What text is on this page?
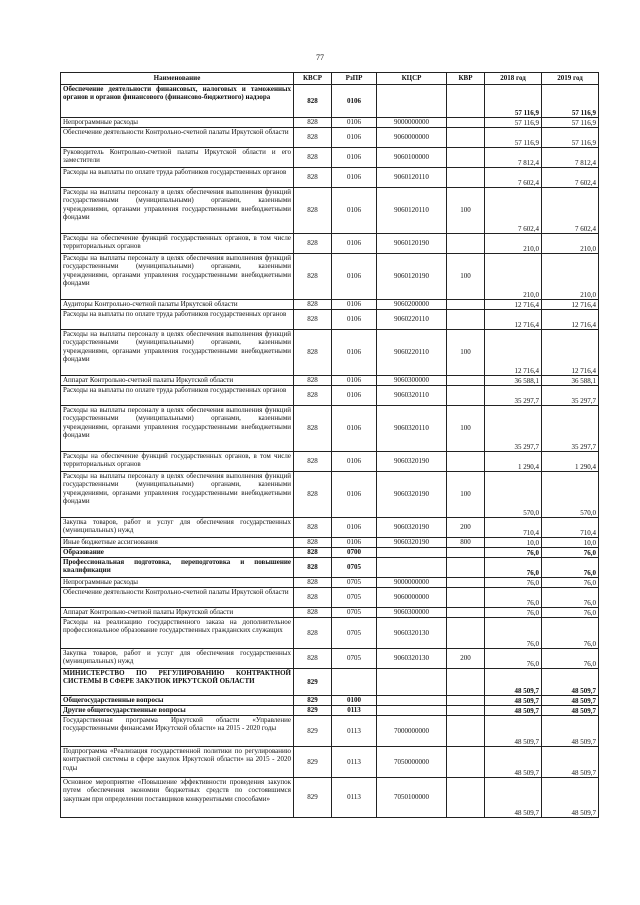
77
Наименование	КВСР	РзПР	КЦСР	КВР	2018 год	2019 год
Обеспечение деятельности финансовых, налоговых и таможенных органов и органов финансового (финансово-бюджетного) надзора	828	0106			57 116,9	57 116,9
Непрограммные расходы	828	0106	9000000000		57 116,9	57 116,9
Обеспечение деятельности Контрольно-счетной палаты Иркутской области	828	0106	9060000000		57 116,9	57 116,9
Руководитель Контрольно-счетной палаты Иркутской области и его заместители	828	0106	9060100000		7 812,4	7 812,4
Расходы на выплаты по оплате труда работников государственных органов	828	0106	9060120110		7 602,4	7 602,4
Расходы на выплаты персоналу в целях обеспечения выполнения функций государственными (муниципальными) органами, казенными учреждениями, органами управления государственными внебюджетными фондами	828	0106	9060120110	100	7 602,4	7 602,4
Расходы на обеспечение функций государственных органов, в том числе территориальных органов	828	0106	9060120190		210,0	210,0
Расходы на выплаты персоналу в целях обеспечения выполнения функций государственными (муниципальными) органами, казенными учреждениями, органами управления государственными внебюджетными фондами	828	0106	9060120190	100	210,0	210,0
Аудиторы Контрольно-счетной палаты Иркутской области	828	0106	9060200000		12 716,4	12 716,4
Расходы на выплаты по оплате труда работников государственных органов	828	0106	9060220110		12 716,4	12 716,4
Расходы на выплаты персоналу в целях обеспечения выполнения функций государственными (муниципальными) органами, казенными учреждениями, органами управления государственными внебюджетными фондами	828	0106	9060220110	100	12 716,4	12 716,4
Аппарат Контрольно-счетной палаты Иркутской области	828	0106	9060300000		36 588,1	36 588,1
Расходы на выплаты по оплате труда работников государственных органов	828	0106	9060320110		35 297,7	35 297,7
Расходы на выплаты персоналу в целях обеспечения выполнения функций государственными (муниципальными) органами, казенными учреждениями, органами управления государственными внебюджетными фондами	828	0106	9060320110	100	35 297,7	35 297,7
Расходы на обеспечение функций государственных органов, в том числе территориальных органов	828	0106	9060320190		1 290,4	1 290,4
Расходы на выплаты персоналу в целях обеспечения выполнения функций государственными (муниципальными) органами, казенными учреждениями, органами управления государственными внебюджетными фондами	828	0106	9060320190	100	570,0	570,0
Закупка товаров, работ и услуг для обеспечения государственных (муниципальных) нужд	828	0106	9060320190	200	710,4	710,4
Иные бюджетные ассигнования	828	0106	9060320190	800	10,0	10,0
Образование	828	0700			76,0	76,0
Профессиональная подготовка, переподготовка и повышение квалификации	828	0705			76,0	76,0
Непрограммные расходы	828	0705	9000000000		76,0	76,0
Обеспечение деятельности Контрольно-счетной палаты Иркутской области	828	0705	9060000000		76,0	76,0
Аппарат Контрольно-счетной палаты Иркутской области	828	0705	9060300000		76,0	76,0
Расходы на реализацию государственного заказа на дополнительное профессиональное образование государственных гражданских служащих	828	0705	9060320130		76,0	76,0
Закупка товаров, работ и услуг для обеспечения государственных (муниципальных) нужд	828	0705	9060320130	200	76,0	76,0
МИНИСТЕРСТВО ПО РЕГУЛИРОВАНИЮ КОНТРАКТНОЙ СИСТЕМЫ В СФЕРЕ ЗАКУПОК ИРКУТСКОЙ ОБЛАСТИ	829				48 509,7	48 509,7
Общегосударственные вопросы	829	0100			48 509,7	48 509,7
Другие общегосударственные вопросы	829	0113			48 509,7	48 509,7
Государственная программа Иркутской области «Управление государственными финансами Иркутской области» на 2015 - 2020 годы	829	0113	7000000000		48 509,7	48 509,7
Подпрограмма «Реализация государственной политики по регулированию контрактной системы в сфере закупок Иркутской области» на 2015 - 2020 годы	829	0113	7050000000		48 509,7	48 509,7
Основное мероприятие «Повышение эффективности проведения закупок путем обеспечения экономии бюджетных средств по состоявшимся закупкам при определении поставщиков конкурентными способами»	829	0113	7050100000		48 509,7	48 509,7
